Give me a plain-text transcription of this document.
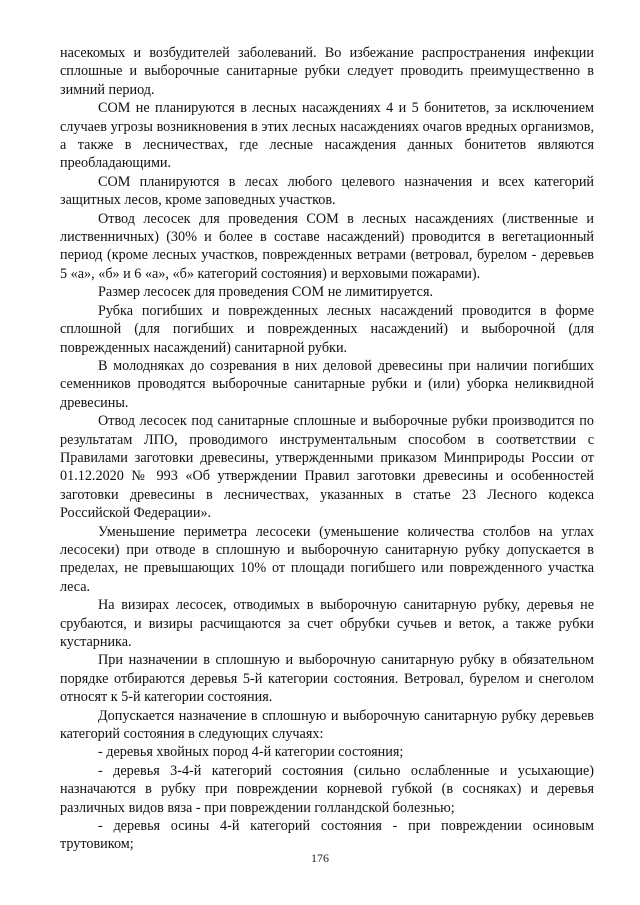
насекомых и возбудителей заболеваний. Во избежание распространения инфекции сплошные и выборочные санитарные рубки следует проводить преимущественно в зимний период.

СОМ не планируются в лесных насаждениях 4 и 5 бонитетов, за исключением случаев угрозы возникновения в этих лесных насаждениях очагов вредных организмов, а также в лесничествах, где лесные насаждения данных бонитетов являются преобладающими.

СОМ планируются в лесах любого целевого назначения и всех категорий защитных лесов, кроме заповедных участков.

Отвод лесосек для проведения СОМ в лесных насаждениях (лиственные и лиственничных) (30% и более в составе насаждений) проводится в вегетационный период (кроме лесных участков, поврежденных ветрами (ветровал, бурелом - деревьев 5 «а», «б» и 6 «а», «б» категорий состояния) и верховыми пожарами).

Размер лесосек для проведения СОМ не лимитируется.

Рубка погибших и поврежденных лесных насаждений проводится в форме сплошной (для погибших и поврежденных насаждений) и выборочной (для поврежденных насаждений) санитарной рубки.

В молодняках до созревания в них деловой древесины при наличии погибших семенников проводятся выборочные санитарные рубки и (или) уборка неликвидной древесины.

Отвод лесосек под санитарные сплошные и выборочные рубки производится по результатам ЛПО, проводимого инструментальным способом в соответствии с Правилами заготовки древесины, утвержденными приказом Минприроды России от 01.12.2020 № 993 «Об утверждении Правил заготовки древесины и особенностей заготовки древесины в лесничествах, указанных в статье 23 Лесного кодекса Российской Федерации».

Уменьшение периметра лесосеки (уменьшение количества столбов на углах лесосеки) при отводе в сплошную и выборочную санитарную рубку допускается в пределах, не превышающих 10% от площади погибшего или поврежденного участка леса.

На визирах лесосек, отводимых в выборочную санитарную рубку, деревья не срубаются, и визиры расчищаются за счет обрубки сучьев и веток, а также рубки кустарника.

При назначении в сплошную и выборочную санитарную рубку в обязательном порядке отбираются деревья 5-й категории состояния. Ветровал, бурелом и снеголом относят к 5-й категории состояния.

Допускается назначение в сплошную и выборочную санитарную рубку деревьев категорий состояния в следующих случаях:

- деревья хвойных пород 4-й категории состояния;

- деревья 3-4-й категорий состояния (сильно ослабленные и усыхающие) назначаются в рубку при повреждении корневой губкой (в сосняках) и деревья различных видов вяза - при повреждении голландской болезнью;

- деревья осины 4-й категорий состояния - при повреждении осиновым трутовиком;

176
